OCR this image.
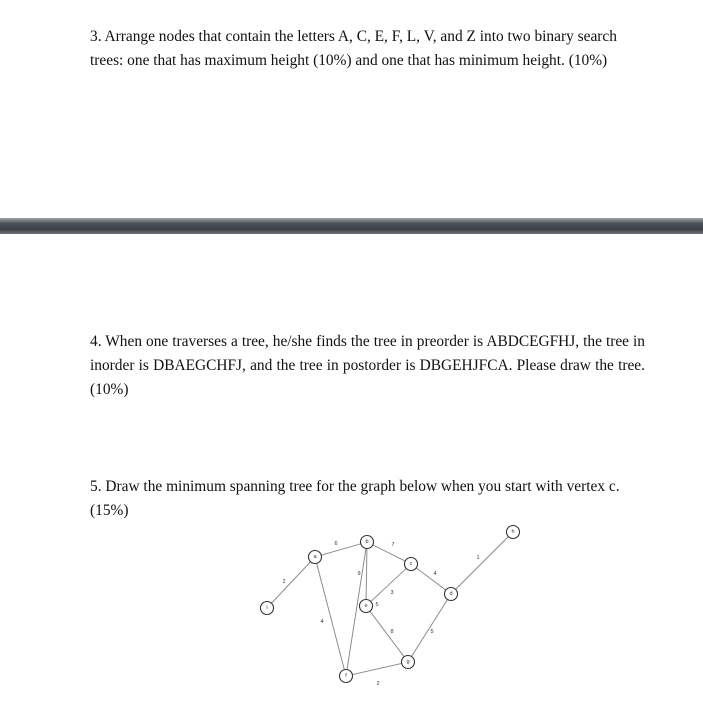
3. Arrange nodes that contain the letters A, C, E, F, L, V, and Z into two binary search trees: one that has maximum height (10%) and one that has minimum height. (10%)

4. When one traverses a tree, he/she finds the tree in preorder is ABDCEGFHJ, the tree in inorder is DBAEGCHFJ, and the tree in postorder is DBGEHJFCA. Please draw the tree. (10%)

5. Draw the minimum spanning tree for the graph below when you start with vertex c. (15%)

2
6
4
9
7
3
4
1
5
8
2
5
a
b
c
d
e
f
g
h
i
